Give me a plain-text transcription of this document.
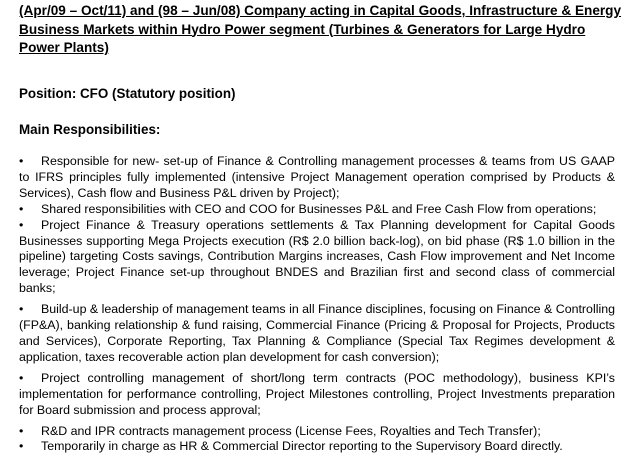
(Apr/09 – Oct/11) and (98 – Jun/08) Company acting in Capital Goods, Infrastructure & Energy Business Markets within Hydro Power segment (Turbines & Generators for Large Hydro Power Plants)

Position: CFO (Statutory position)

Main Responsibilities:

• Responsible for new- set-up of Finance & Controlling management processes & teams from US GAAP to IFRS principles fully implemented (intensive Project Management operation comprised by Products & Services), Cash flow and Business P&L driven by Project);
• Shared responsibilities with CEO and COO for Businesses P&L and Free Cash Flow from operations;
• Project Finance & Treasury operations settlements & Tax Planning development for Capital Goods Businesses supporting Mega Projects execution (R$ 2.0 billion back-log), on bid phase (R$ 1.0 billion in the pipeline) targeting Costs savings, Contribution Margins increases, Cash Flow improvement and Net Income leverage; Project Finance set-up throughout BNDES and Brazilian first and second class of commercial banks;
• Build-up & leadership of management teams in all Finance disciplines, focusing on Finance & Controlling (FP&A), banking relationship & fund raising, Commercial Finance (Pricing & Proposal for Projects, Products and Services), Corporate Reporting, Tax Planning & Compliance (Special Tax Regimes development & application, taxes recoverable action plan development for cash conversion);
• Project controlling management of short/long term contracts (POC methodology), business KPI’s implementation for performance controlling, Project Milestones controlling, Project Investments preparation for Board submission and process approval;
• R&D and IPR contracts management process (License Fees, Royalties and Tech Transfer);
• Temporarily in charge as HR & Commercial Director reporting to the Supervisory Board directly.
